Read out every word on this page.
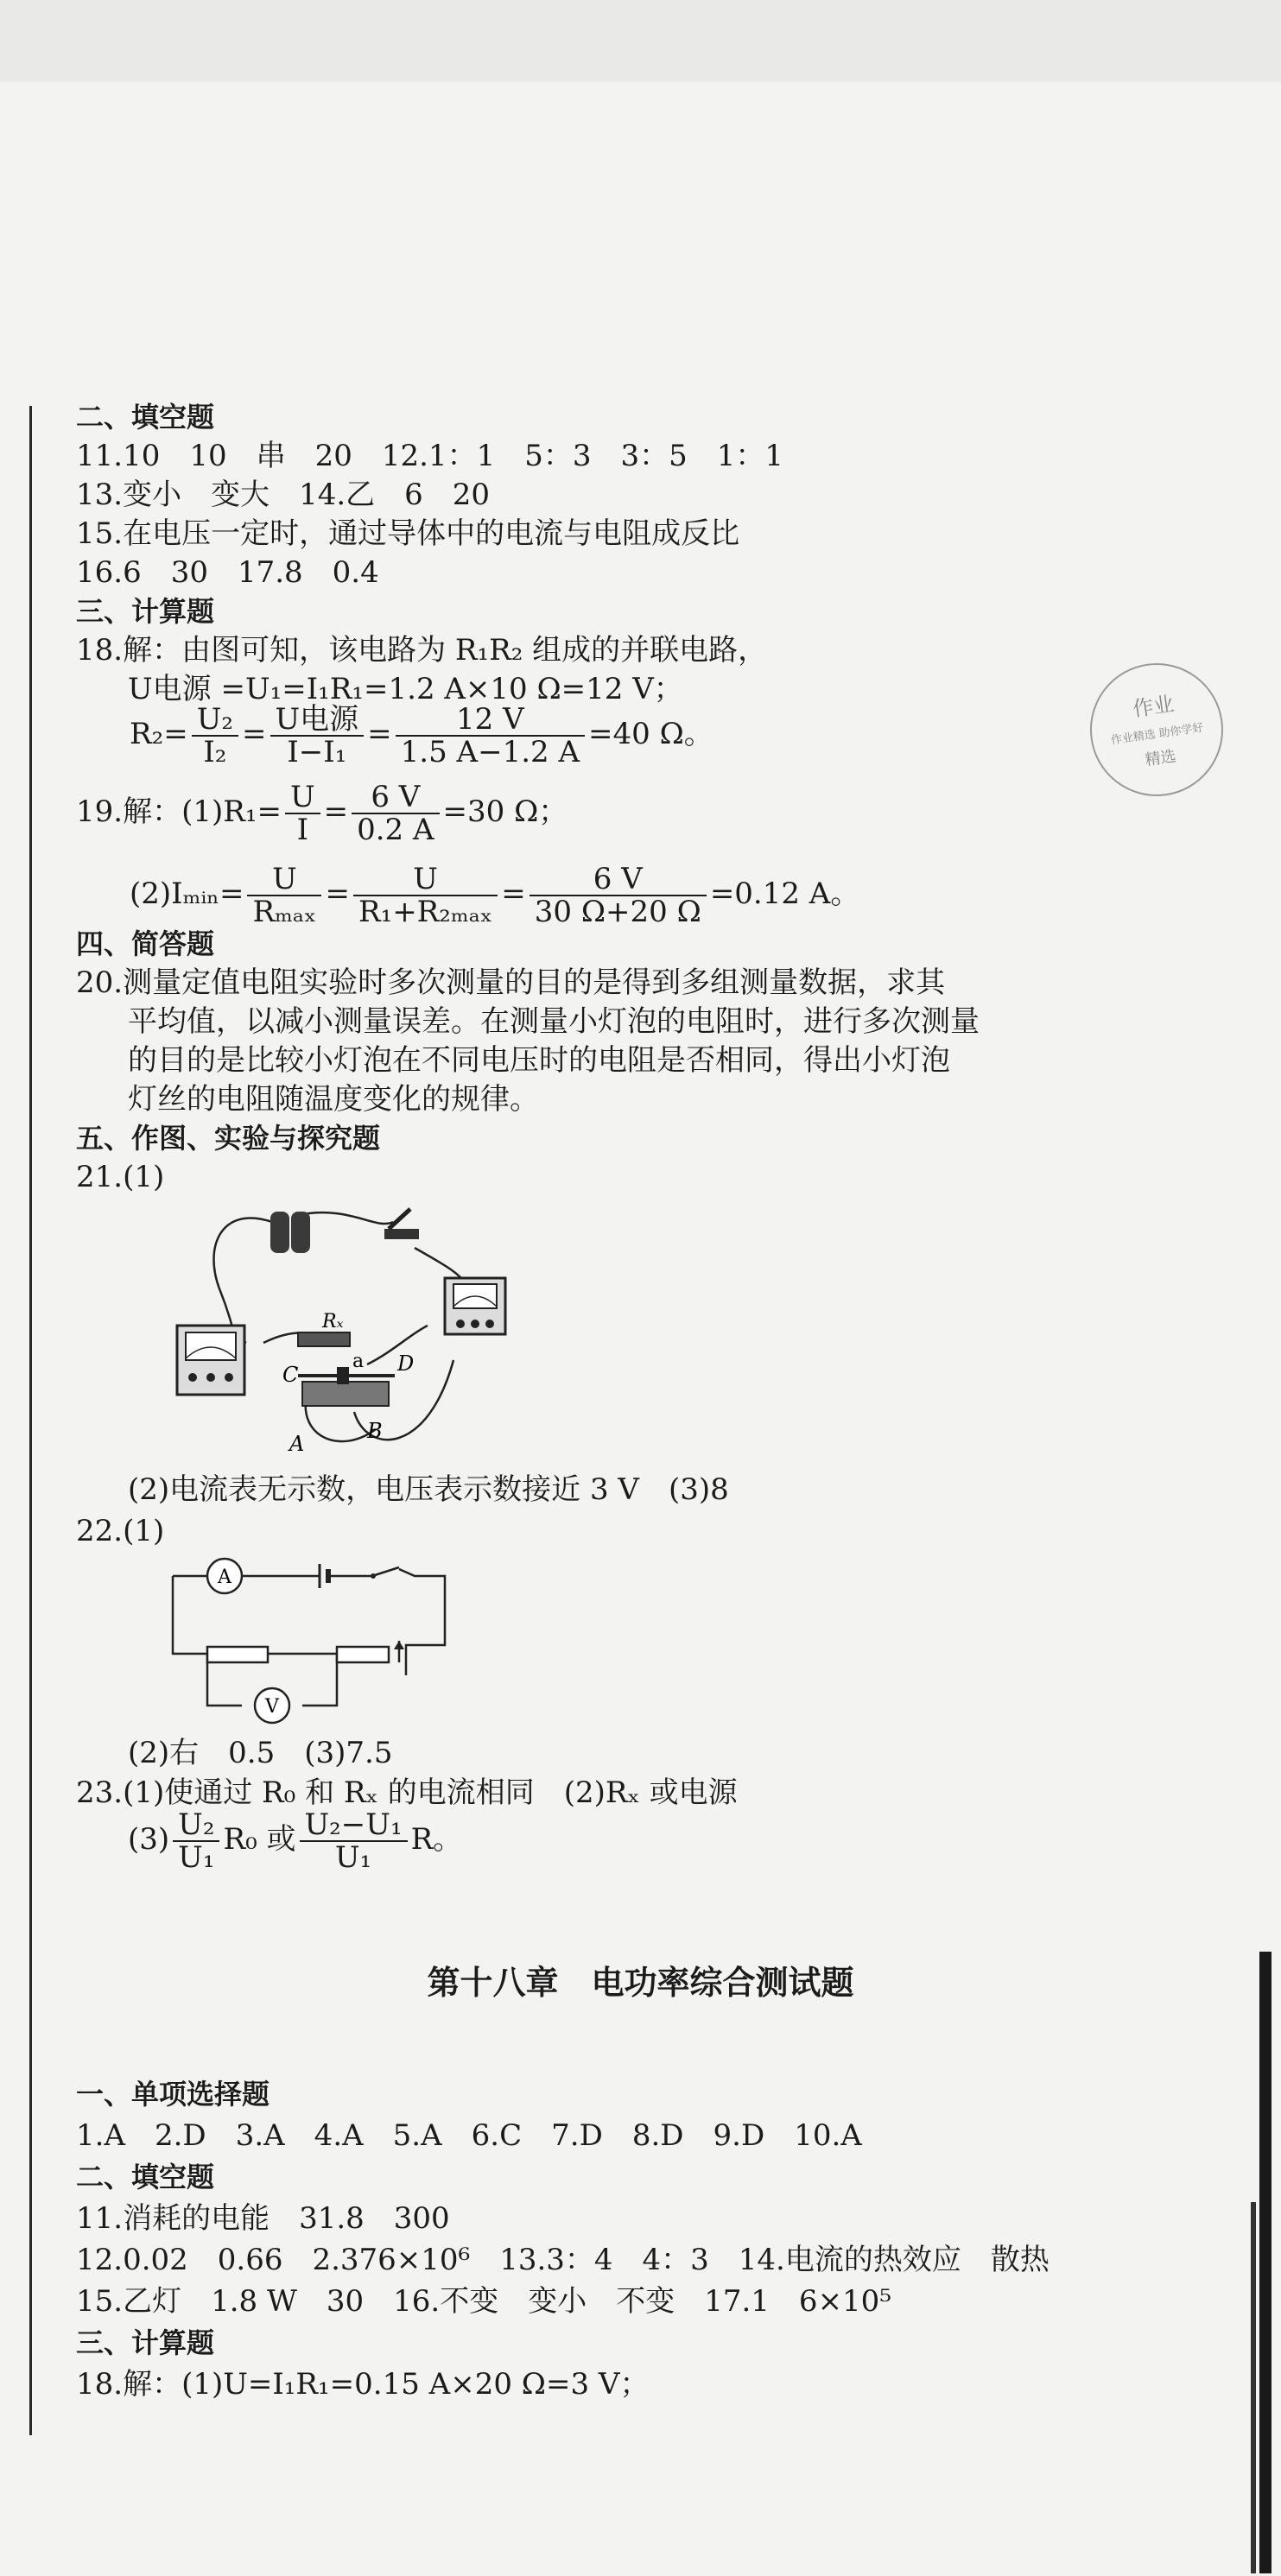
二、填空题
11.10　10　串　20　12.1：1　5：3　3：5　1：1
13.变小　变大　14.乙　6　20
15.在电压一定时，通过导体中的电流与电阻成反比
16.6　30　17.8　0.4
三、计算题
18.解：由图可知，该电路为 R₁R₂ 组成的并联电路，
U电源 =U₁=I₁R₁=1.2 A×10 Ω=12 V；
$R_2= \frac{\text{U₂}}{\text{I₂}} = \frac{\text{U电源}}{\text{I−I₁}} = \frac{12 V}{1.5 A-1.2 A} =40$ Ω。
19.解：$(1)R_1= \frac{U}{I} = \frac{6 V}{0.2 A} =30$ Ω；
(2)Iₘᵢₙ= $\frac{U}{\text{Rₘₐₓ}} = \frac{U}{\text{R₁+R₂ₘₐₓ}} = \frac{6 V}{30 \Omega+20 \Omega} =0.12$ A。
四、简答题
20.测量定值电阻实验时多次测量的目的是得到多组测量数据，求其
平均值，以减小测量误差。在测量小灯泡的电阻时，进行多次测量
的目的是比较小灯泡在不同电压时的电阻是否相同，得出小灯泡
灯丝的电阻随温度变化的规律。
五、作图、实验与探究题
21.(1)
Rₓ
a
C	D
A
B
(2)电流表无示数，电压表示数接近 3 V　(3)8
22.(1)
A
V
(2)右　0.5　(3)7.5
23.(1)使通过 R₀ 和 Rₓ 的电流相同　(2)Rₓ 或电源
$(3) \frac{\text{U₂}}{\text{U₁}} R_0$ 或 $\frac{\text{U₂−U₁}}{\text{U₁}}$ R。
作业
作业精选 助你学好
精选
第十八章　电功率综合测试题
一、单项选择题
1.A　2.D　3.A　4.A　5.A　6.C　7.D　8.D　9.D　10.A
二、填空题
11.消耗的电能　31.8　300
12.0.02　0.66　2.376×10⁶　13.3：4　4：3　14.电流的热效应　散热
15.乙灯　1.8 W　30　16.不变　变小　不变　17.1　6×10⁵
三、计算题
18.解：(1)U=I₁R₁=0.15 A×20 Ω=3 V；
